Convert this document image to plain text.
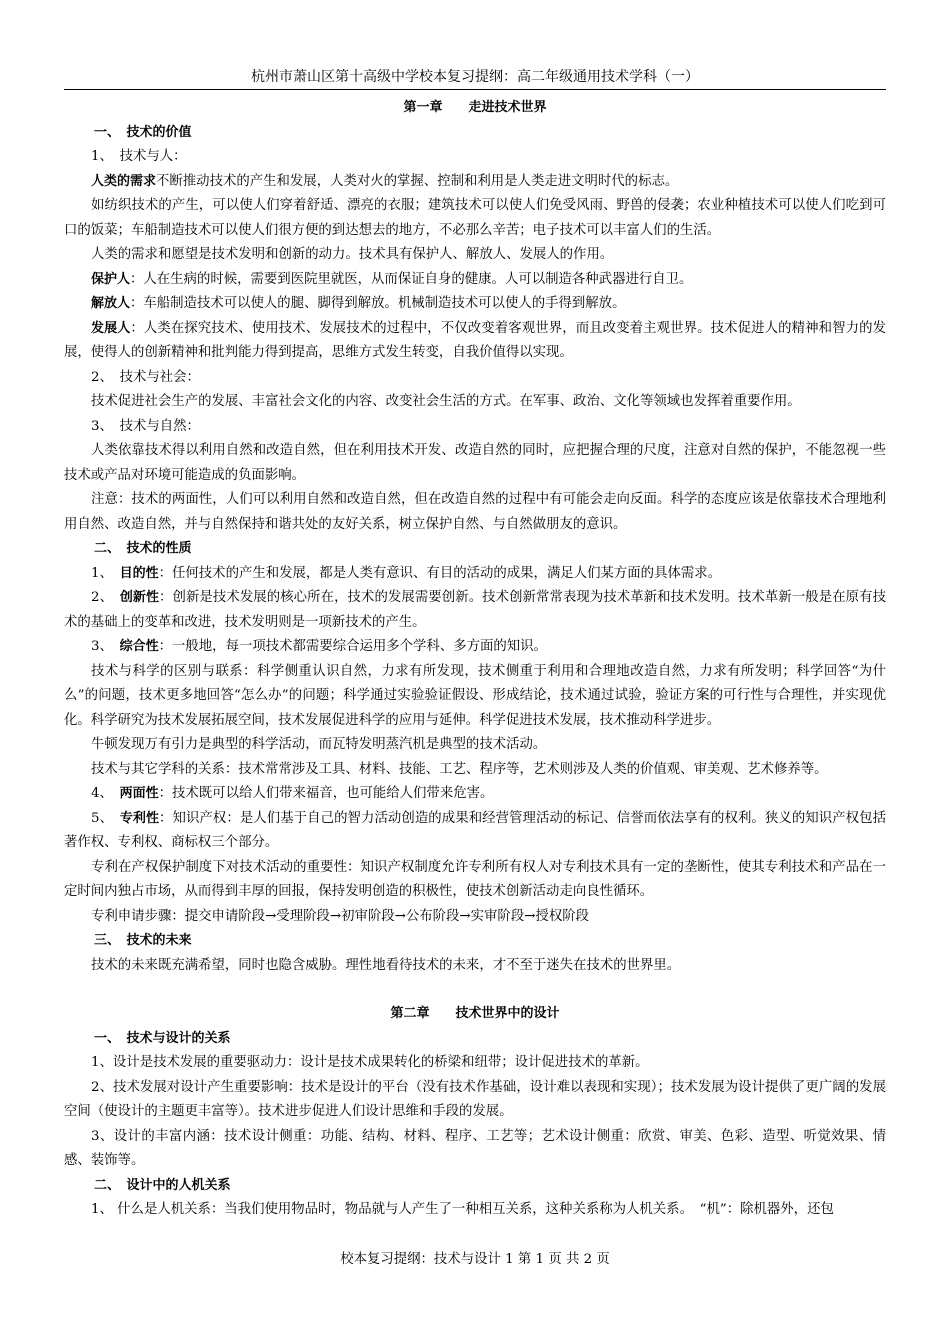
杭州市萧山区第十高级中学校本复习提纲：高二年级通用技术学科（一）

第一章　　走进技术世界

一、　技术的价值

1、　技术与人：

人类的需求不断推动技术的产生和发展，人类对火的掌握、控制和利用是人类走进文明时代的标志。

如纺织技术的产生，可以使人们穿着舒适、漂亮的衣服；建筑技术可以使人们免受风雨、野兽的侵袭；农业种植技术可以使人们吃到可口的饭菜；车船制造技术可以使人们很方便的到达想去的地方，不必那么辛苦；电子技术可以丰富人们的生活。

人类的需求和愿望是技术发明和创新的动力。技术具有保护人、解放人、发展人的作用。

保护人：人在生病的时候，需要到医院里就医，从而保证自身的健康。人可以制造各种武器进行自卫。

解放人：车船制造技术可以使人的腿、脚得到解放。机械制造技术可以使人的手得到解放。

发展人：人类在探究技术、使用技术、发展技术的过程中，不仅改变着客观世界，而且改变着主观世界。技术促进人的精神和智力的发展，使得人的创新精神和批判能力得到提高，思维方式发生转变，自我价值得以实现。

2、　技术与社会：

技术促进社会生产的发展、丰富社会文化的内容、改变社会生活的方式。在军事、政治、文化等领域也发挥着重要作用。

3、　技术与自然：

人类依靠技术得以利用自然和改造自然，但在利用技术开发、改造自然的同时，应把握合理的尺度，注意对自然的保护，不能忽视一些技术或产品对环境可能造成的负面影响。

注意：技术的两面性，人们可以利用自然和改造自然，但在改造自然的过程中有可能会走向反面。科学的态度应该是依靠技术合理地利用自然、改造自然，并与自然保持和谐共处的友好关系，树立保护自然、与自然做朋友的意识。

二、　技术的性质

1、　目的性：任何技术的产生和发展，都是人类有意识、有目的活动的成果，满足人们某方面的具体需求。

2、　创新性：创新是技术发展的核心所在，技术的发展需要创新。技术创新常常表现为技术革新和技术发明。技术革新一般是在原有技术的基础上的变革和改进，技术发明则是一项新技术的产生。

3、　综合性：一般地，每一项技术都需要综合运用多个学科、多方面的知识。

技术与科学的区别与联系：科学侧重认识自然，力求有所发现，技术侧重于利用和合理地改造自然，力求有所发明；科学回答“为什么”的问题，技术更多地回答“怎么办”的问题；科学通过实验验证假设、形成结论，技术通过试验，验证方案的可行性与合理性，并实现优化。科学研究为技术发展拓展空间，技术发展促进科学的应用与延伸。科学促进技术发展，技术推动科学进步。

牛顿发现万有引力是典型的科学活动，而瓦特发明蒸汽机是典型的技术活动。

技术与其它学科的关系：技术常常涉及工具、材料、技能、工艺、程序等，艺术则涉及人类的价值观、审美观、艺术修养等。

4、　两面性：技术既可以给人们带来福音，也可能给人们带来危害。

5、　专利性：知识产权：是人们基于自己的智力活动创造的成果和经营管理活动的标记、信誉而依法享有的权利。狭义的知识产权包括著作权、专利权、商标权三个部分。

专利在产权保护制度下对技术活动的重要性：知识产权制度允许专利所有权人对专利技术具有一定的垄断性，使其专利技术和产品在一定时间内独占市场，从而得到丰厚的回报，保持发明创造的积极性，使技术创新活动走向良性循环。

专利申请步骤：提交申请阶段→受理阶段→初审阶段→公布阶段→实审阶段→授权阶段

三、　技术的未来

技术的未来既充满希望，同时也隐含威胁。理性地看待技术的未来，才不至于迷失在技术的世界里。

第二章　　技术世界中的设计

一、　技术与设计的关系

1、设计是技术发展的重要驱动力：设计是技术成果转化的桥梁和纽带；设计促进技术的革新。

2、技术发展对设计产生重要影响：技术是设计的平台（没有技术作基础，设计难以表现和实现）；技术发展为设计提供了更广阔的发展空间（使设计的主题更丰富等）。技术进步促进人们设计思维和手段的发展。

3、设计的丰富内涵：技术设计侧重：功能、结构、材料、程序、工艺等；艺术设计侧重：欣赏、审美、色彩、造型、听觉效果、情感、装饰等。

二、　设计中的人机关系

1、 什么是人机关系：当我们使用物品时，物品就与人产生了一种相互关系，这种关系称为人机关系。　“机”：除机器外，还包

校本复习提纲：技术与设计 1 第 1 页 共 2 页
